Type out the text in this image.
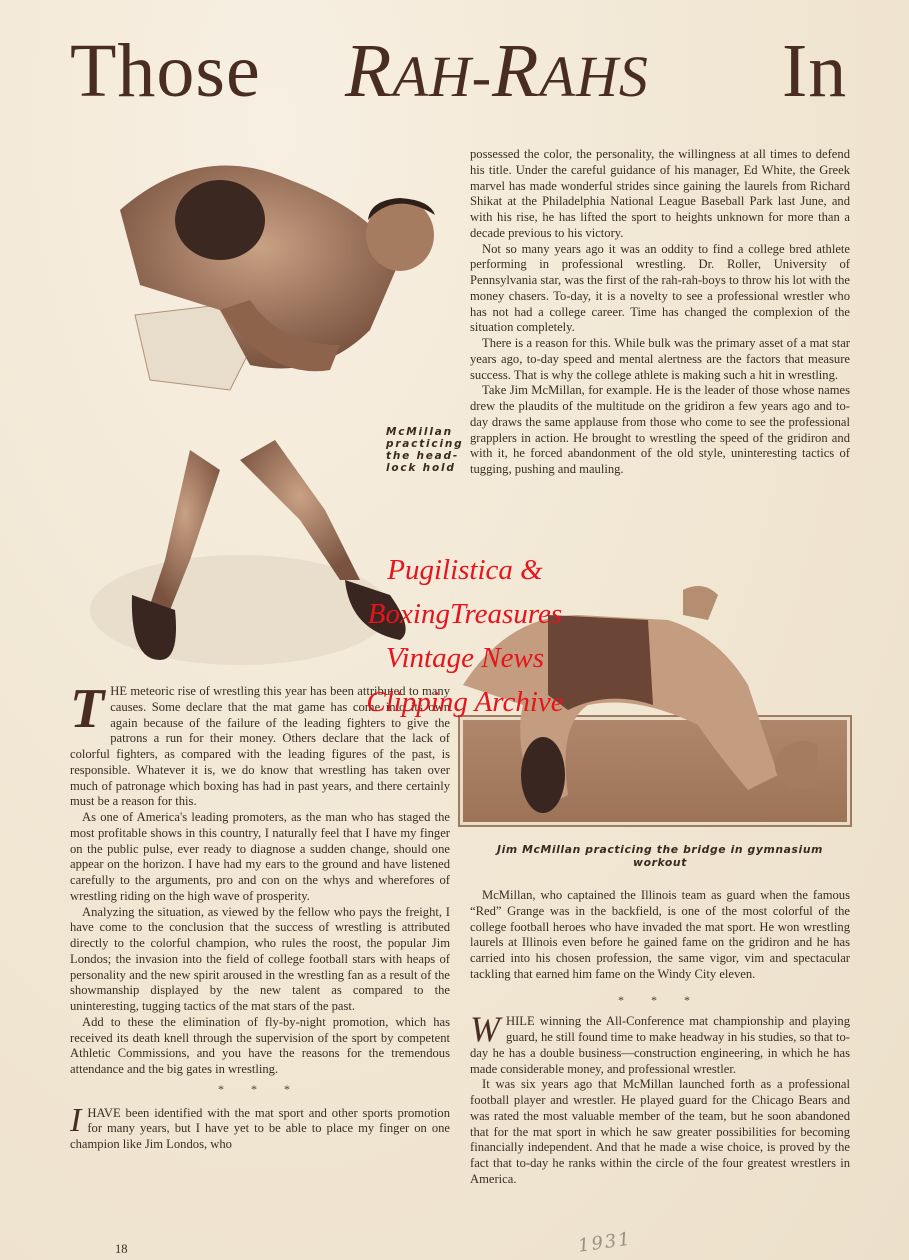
Those RAH-RAHS In
McMillan
practicing
the head-
lock hold
Jim McMillan practicing the bridge in gymnasium
workout

possessed the color, the personality, the willingness at all times to defend his title. Under the careful guidance of his manager, Ed White, the Greek marvel has made wonderful strides since gaining the laurels from Richard Shikat at the Philadelphia National League Baseball Park last June, and with his rise, he has lifted the sport to heights unknown for more than a decade previous to his victory.

Not so many years ago it was an oddity to find a college bred athlete performing in professional wrestling. Dr. Roller, University of Pennsylvania star, was the first of the rah-rah-boys to throw his lot with the money chasers. To-day, it is a novelty to see a professional wrestler who has not had a college career. Time has changed the complexion of the situation completely.

There is a reason for this. While bulk was the primary asset of a mat star years ago, to-day speed and mental alertness are the factors that measure success. That is why the college athlete is making such a hit in wrestling.

Take Jim McMillan, for example. He is the leader of those whose names drew the plaudits of the multitude on the gridiron a few years ago and to-day draws the same applause from those who come to see the professional grapplers in action. He brought to wrestling the speed of the gridiron and with it, he forced abandonment of the old style, uninteresting tactics of tugging, pushing and mauling.

THE meteoric rise of wrestling this year has been attributed to many causes. Some declare that the mat game has come into its own again because of the failure of the leading fighters to give the patrons a run for their money. Others declare that the lack of colorful fighters, as compared with the leading figures of the past, is responsible. Whatever it is, we do know that wrestling has taken over much of patronage which boxing has had in past years, and there certainly must be a reason for this.

As one of America's leading promoters, as the man who has staged the most profitable shows in this country, I naturally feel that I have my finger on the public pulse, ever ready to diagnose a sudden change, should one appear on the horizon. I have had my ears to the ground and have listened carefully to the arguments, pro and con on the whys and wherefores of wrestling riding on the high wave of prosperity.

Analyzing the situation, as viewed by the fellow who pays the freight, I have come to the conclusion that the success of wrestling is attributed directly to the colorful champion, who rules the roost, the popular Jim Londos; the invasion into the field of college football stars with heaps of personality and the new spirit aroused in the wrestling fan as a result of the showmanship displayed by the new talent as compared to the uninteresting, tugging tactics of the mat stars of the past.

Add to these the elimination of fly-by-night promotion, which has received its death knell through the supervision of the sport by competent Athletic Commissions, and you have the reasons for the tremendous attendance and the big gates in wrestling.

* * *

IHAVE been identified with the mat sport and other sports promotion for many years, but I have yet to be able to place my finger on one champion like Jim Londos, who

McMillan, who captained the Illinois team as guard when the famous “Red” Grange was in the backfield, is one of the most colorful of the college football heroes who have invaded the mat sport. He won wrestling laurels at Illinois even before he gained fame on the gridiron and he has carried into his chosen profession, the same vigor, vim and spectacular tackling that earned him fame on the Windy City eleven.

* * *

WHILE winning the All-Conference mat championship and playing guard, he still found time to make headway in his studies, so that to-day he has a double business—construction engineering, in which he has made considerable money, and professional wrestler.

It was six years ago that McMillan launched forth as a professional football player and wrestler. He played guard for the Chicago Bears and was rated the most valuable member of the team, but he soon abandoned that for the mat sport in which he saw greater possibilities for becoming financially independent. And that he made a wise choice, is proved by the fact that to-day he ranks within the circle of the four greatest wrestlers in America.

Pugilistica &
BoxingTreasures
Vintage News
Clipping Archive
18	1931
